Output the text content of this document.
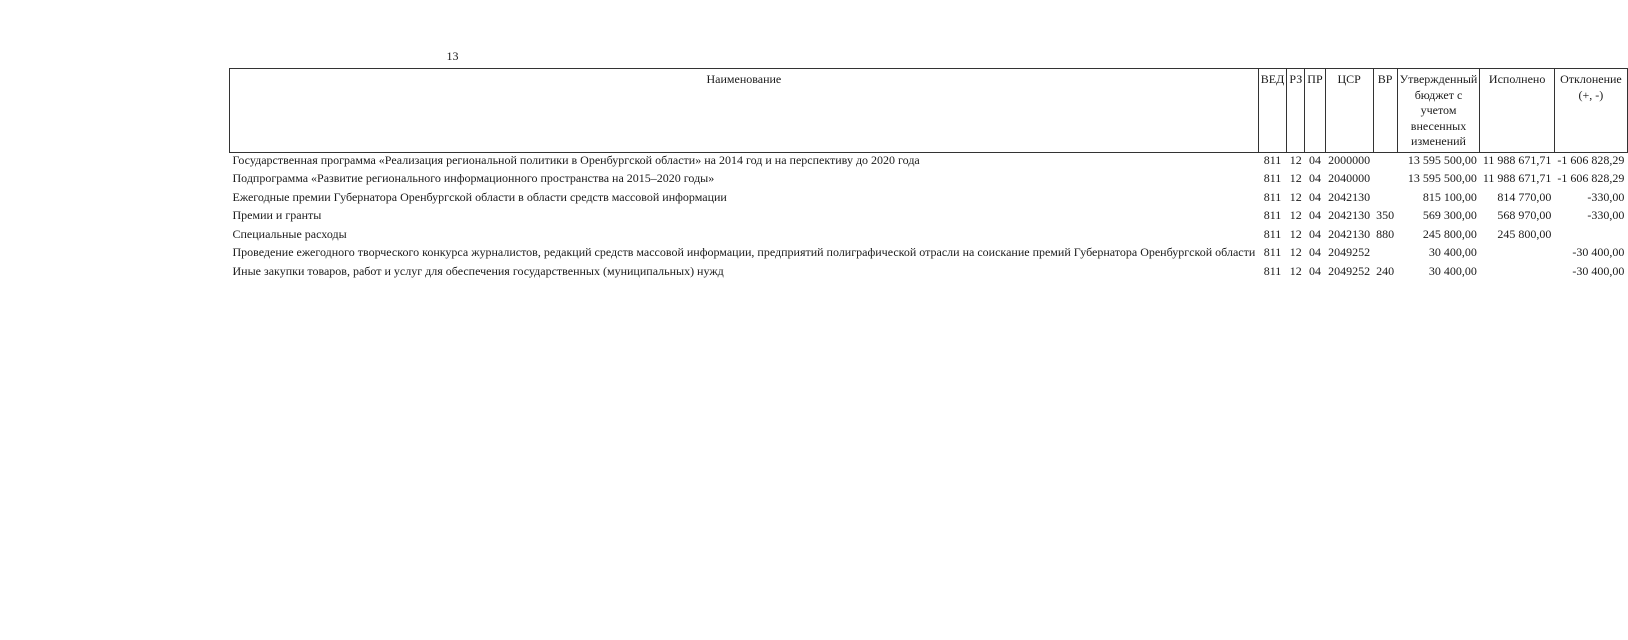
13
Наименование	ВЕД	РЗ	ПР	ЦСР	ВР	Утвержденный бюджет с учетом внесенных изменений	Исполнено	Отклонение (+, -)
Государственная программа «Реализация региональной политики в Оренбургской области» на 2014 год и на перспективу до 2020 года	811	12	04	2000000		13 595 500,00	11 988 671,71	-1 606 828,29
Подпрограмма «Развитие регионального информационного пространства на 2015–2020 годы»	811	12	04	2040000		13 595 500,00	11 988 671,71	-1 606 828,29
Ежегодные премии Губернатора Оренбургской области в области средств массовой информации	811	12	04	2042130		815 100,00	814 770,00	-330,00
Премии и гранты	811	12	04	2042130	350	569 300,00	568 970,00	-330,00
Специальные расходы	811	12	04	2042130	880	245 800,00	245 800,00	
Проведение ежегодного творческого конкурса журналистов, редакций средств массовой информации, предприятий полиграфической отрасли на соискание премий Губернатора Оренбургской области	811	12	04	2049252		30 400,00		-30 400,00
Иные закупки товаров, работ и услуг для обеспечения государственных (муниципальных) нужд	811	12	04	2049252	240	30 400,00		-30 400,00
